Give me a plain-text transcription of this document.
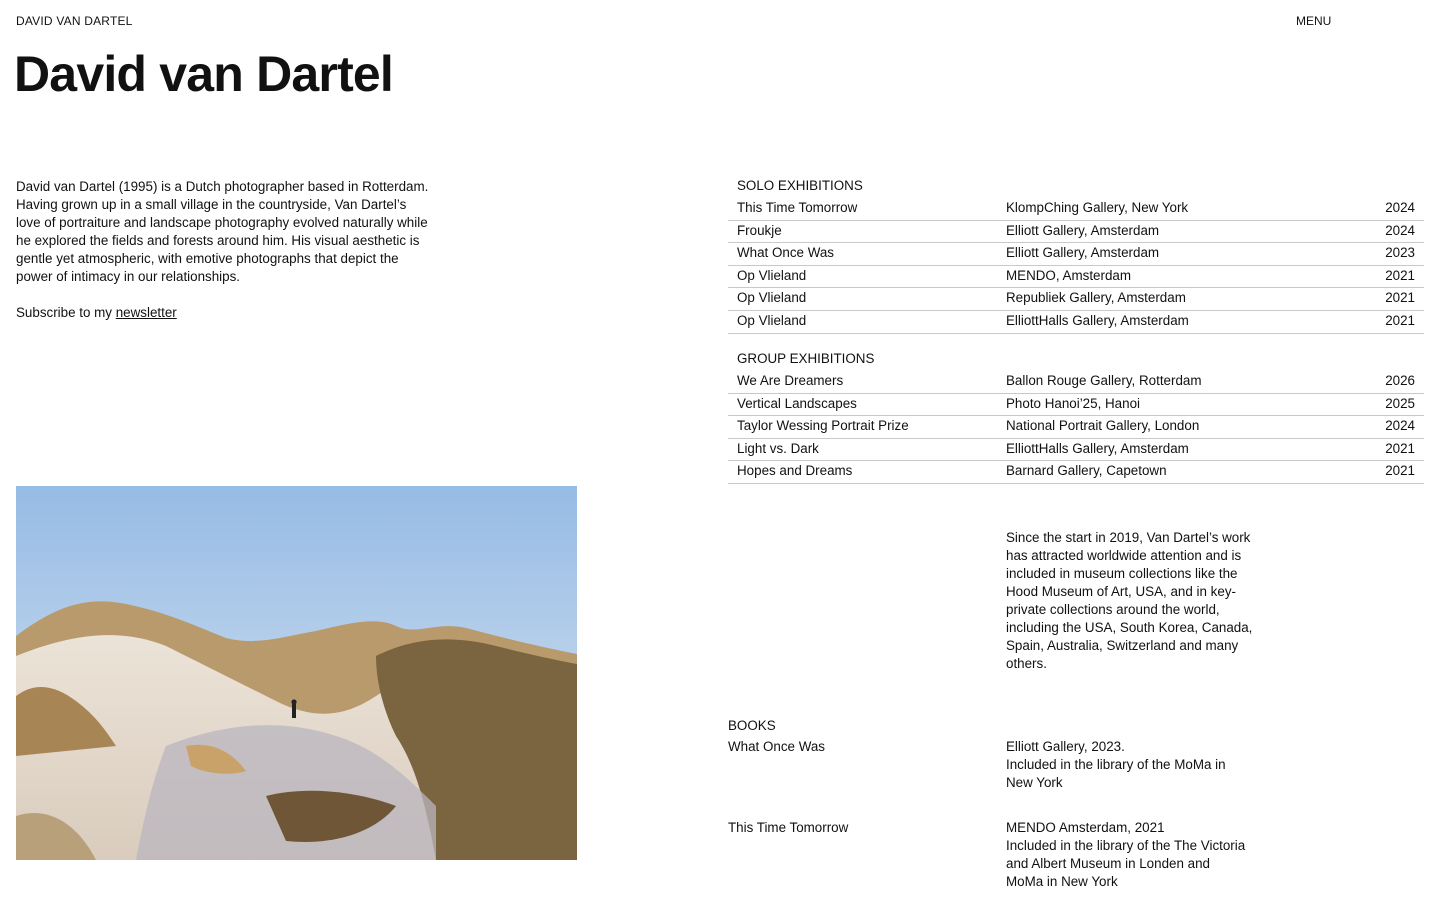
DAVID VAN DARTEL	MENU
David van Dartel

David van Dartel (1995) is a Dutch photographer based in Rotterdam. Having grown up in a small village in the countryside, Van Dartel’s love of portraiture and landscape photography evolved naturally while he explored the fields and forests around him. His visual aesthetic is gentle yet atmospheric, with emotive photographs that depict the power of intimacy in our relationships.

Subscribe to my newsletter
SOLO EXHIBITIONS
This Time Tomorrow	KlompChing Gallery, New York	2024
Froukje	Elliott Gallery, Amsterdam	2024
What Once Was	Elliott Gallery, Amsterdam	2023
Op Vlieland	MENDO, Amsterdam	2021
Op Vlieland	Republiek Gallery, Amsterdam	2021
Op Vlieland	ElliottHalls Gallery, Amsterdam	2021
GROUP EXHIBITIONS
We Are Dreamers	Ballon Rouge Gallery, Rotterdam	2026
Vertical Landscapes	Photo Hanoi’25, Hanoi	2025
Taylor Wessing Portrait Prize	National Portrait Gallery, London	2024
Light vs. Dark	ElliottHalls Gallery, Amsterdam	2021
Hopes and Dreams	Barnard Gallery, Capetown	2021

Since the start in 2019, Van Dartel’s work has attracted worldwide attention and is included in museum collections like the Hood Museum of Art, USA, and in key-private collections around the world, including the USA, South Korea, Canada, Spain, Australia, Switzerland and many others.

BOOKS
What Once Was	Elliott Gallery, 2023.
Included in the library of the MoMa in New York

This Time Tomorrow	MENDO Amsterdam, 2021
Included in the library of the The Victoria and Albert Museum in Londen and MoMa in New York
